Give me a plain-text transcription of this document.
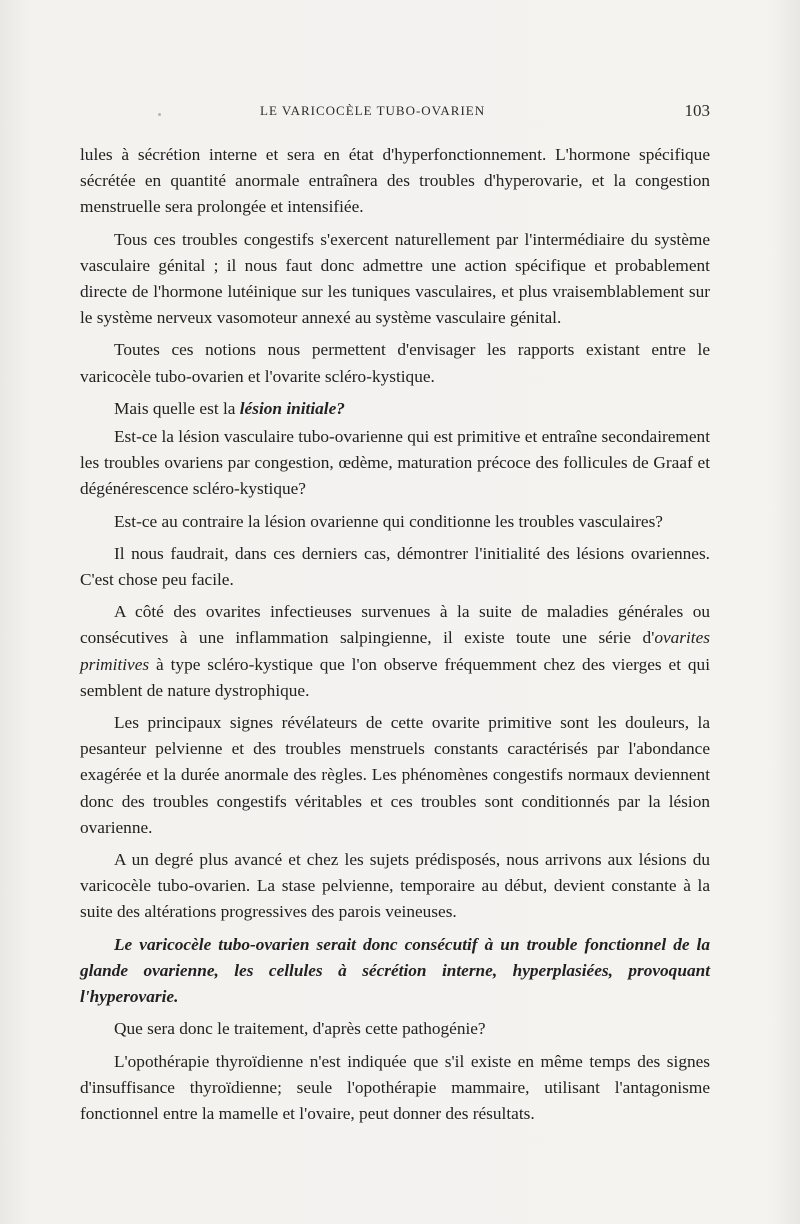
LE VARICOCÈLE TUBO-OVARIEN	103

lules à sécrétion interne et sera en état d'hyperfonctionnement. L'hormone spécifique sécrétée en quantité anormale entraînera des troubles d'hyperovarie, et la congestion menstruelle sera prolongée et intensifiée.

Tous ces troubles congestifs s'exercent naturellement par l'intermédiaire du système vasculaire génital ; il nous faut donc admettre une action spécifique et probablement directe de l'hormone lutéinique sur les tuniques vasculaires, et plus vraisemblablement sur le système nerveux vasomoteur annexé au système vasculaire génital.

Toutes ces notions nous permettent d'envisager les rapports existant entre le varicocèle tubo-ovarien et l'ovarite scléro-kystique.

Mais quelle est la lésion initiale?

Est-ce la lésion vasculaire tubo-ovarienne qui est primitive et entraîne secondairement les troubles ovariens par congestion, œdème, maturation précoce des follicules de Graaf et dégénérescence scléro-kystique?

Est-ce au contraire la lésion ovarienne qui conditionne les troubles vasculaires?

Il nous faudrait, dans ces derniers cas, démontrer l'initialité des lésions ovariennes. C'est chose peu facile.

A côté des ovarites infectieuses survenues à la suite de maladies générales ou consécutives à une inflammation salpingienne, il existe toute une série d'ovarites primitives à type scléro-kystique que l'on observe fréquemment chez des vierges et qui semblent de nature dystrophique.

Les principaux signes révélateurs de cette ovarite primitive sont les douleurs, la pesanteur pelvienne et des troubles menstruels constants caractérisés par l'abondance exagérée et la durée anormale des règles. Les phénomènes congestifs normaux deviennent donc des troubles congestifs véritables et ces troubles sont conditionnés par la lésion ovarienne.

A un degré plus avancé et chez les sujets prédisposés, nous arrivons aux lésions du varicocèle tubo-ovarien. La stase pelvienne, temporaire au début, devient constante à la suite des altérations progressives des parois veineuses.

Le varicocèle tubo-ovarien serait donc consécutif à un trouble fonctionnel de la glande ovarienne, les cellules à sécrétion interne, hyperplasiées, provoquant l'hyperovarie.

Que sera donc le traitement, d'après cette pathogénie?

L'opothérapie thyroïdienne n'est indiquée que s'il existe en même temps des signes d'insuffisance thyroïdienne; seule l'opothérapie mammaire, utilisant l'antagonisme fonctionnel entre la mamelle et l'ovaire, peut donner des résultats.
